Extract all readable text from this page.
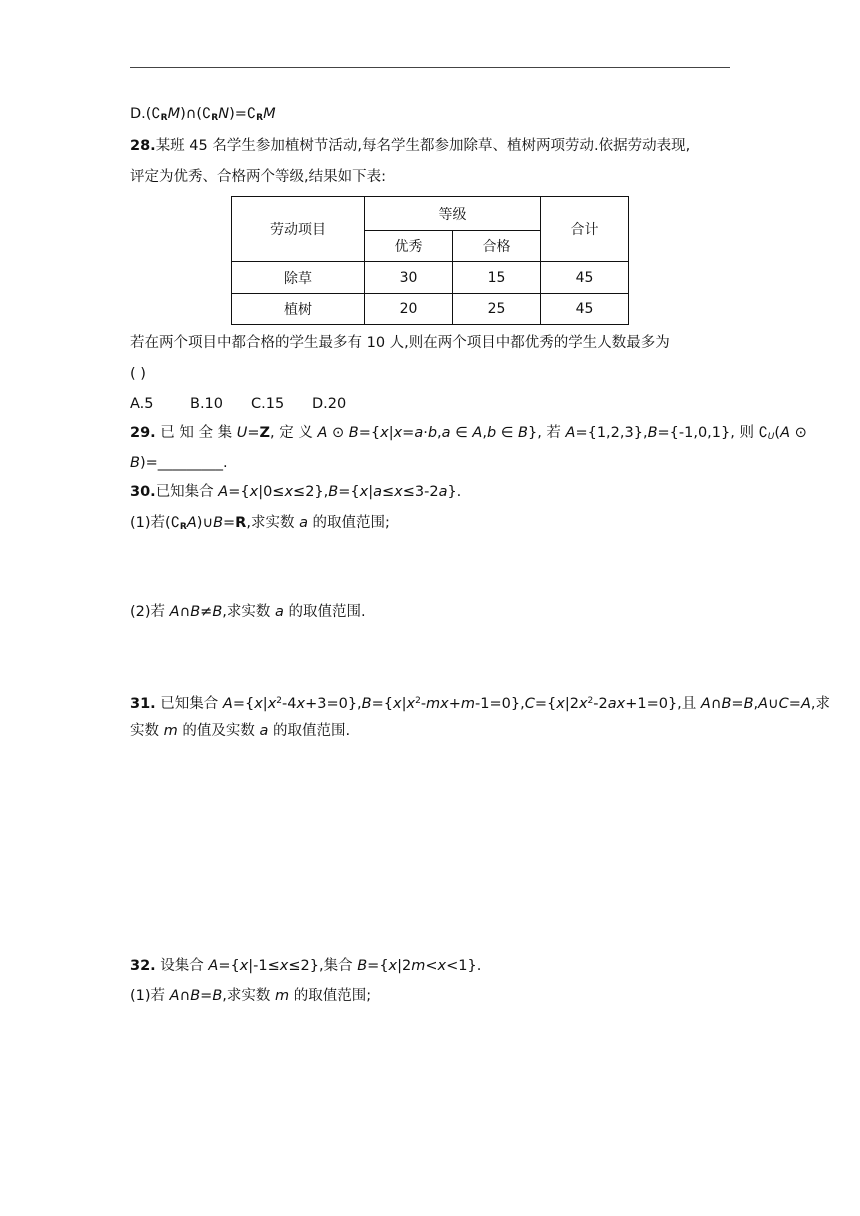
$D.(∁_RM)\cap(∁_RN)=∁_RM$
28.某班 45 名学生参加植树节活动,每名学生都参加除草、植树两项劳动.依据劳动表现,
评定为优秀、合格两个等级,结果如下表:
劳动项目	等级		合计
	优秀	合格	
除草	30	15	45
植树	20	25	45
若在两个项目中都合格的学生最多有 10 人,则在两个项目中都优秀的学生人数最多为
( )
A.5	B.10 C.15 D.20
29. 已 知 全 集 U=Z, 定 义 A ⊙ B={x|x=a·b,a ∈ A,b ∈ B}, 若 A={1,2,3},B={-1,0,1}, 则 $∁_U(A$ ⊙
B)=_________.
30.已知集合 A={x|0≤x≤2},B={x|a≤x≤3-2a}.
(1)若$(∁_RA)\cup B=R$,求实数 a 的取值范围;
(2)若 A∩B≠B,求实数 a 的取值范围.
31. 已知集合 $A=\{x|x^2-4x+3=0\},B=\{x|x^2-mx+m-1=0\},C=\{x|2x^2-2ax+1=0\}$,且 A∩B=B,A∪C=A,求
实数 m 的值及实数 a 的取值范围.
32. 设集合 A={x|-1≤x≤2},集合 B={x|2m<x<1}.
(1)若 A∩B=B,求实数 m 的取值范围;
